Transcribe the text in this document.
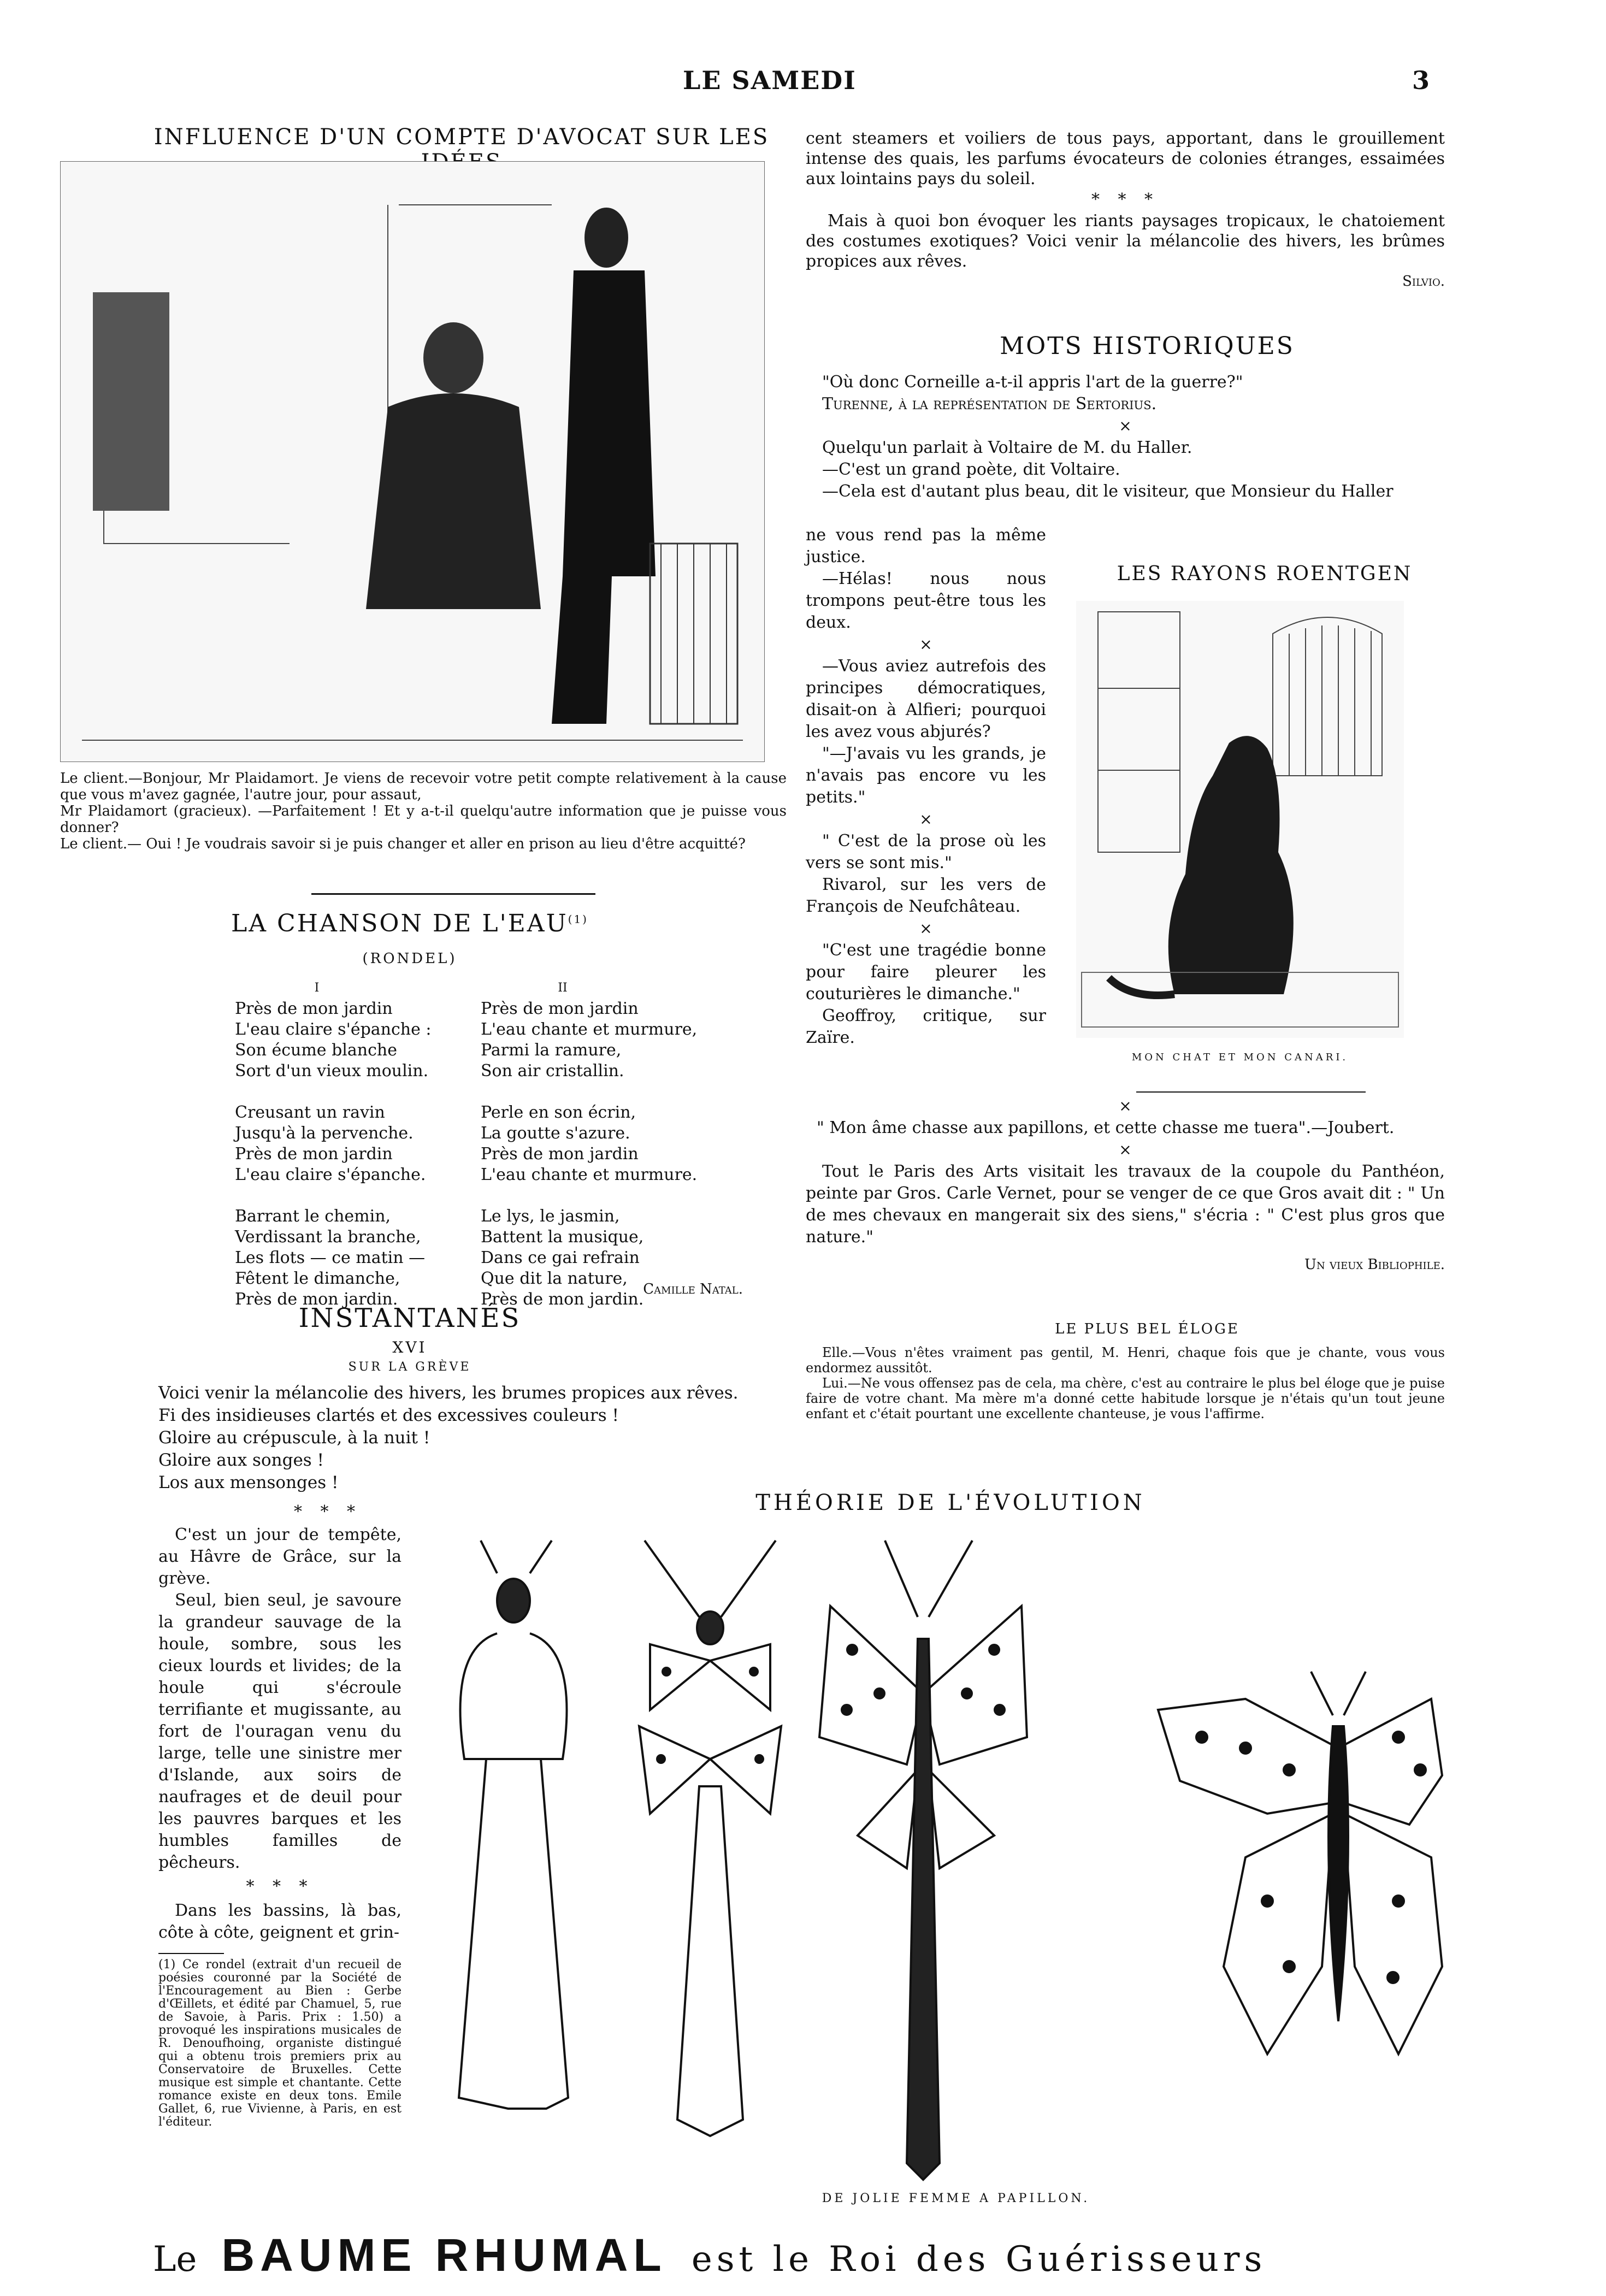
LE SAMEDI	3
INFLUENCE D'UN COMPTE D'AVOCAT SUR LES

Le client.—Bonjour, Mr Plaidamort. Je viens de recevoir votre petit compte relativement à la cause que vous m'avez gagnée, l'autre jour, pour assaut,

Mr Plaidamort (gracieux). —Parfaitement ! Et y a-t-il quelqu'autre information que je puisse vous donner?

Le client.— Oui ! Je voudrais savoir si je puis changer et aller en prison au lieu d'être acquitté?

LA CHANSON DE L'EAU$^{(1)}$
(RONDEL)
I

Près de mon jardin

L'eau claire s'épanche :

Son écume blanche

Sort d'un vieux moulin.

Creusant un ravin

Jusqu'à la pervenche.

Près de mon jardin

L'eau claire s'épanche.

Barrant le chemin,

Verdissant la branche,

Les flots — ce matin —

Fêtent le dimanche,

Près de mon jardin.

II

Près de mon jardin

L'eau chante et murmure,

Parmi la ramure,

Son air cristallin.

Perle en son écrin,

La goutte s'azure.

Près de mon jardin

L'eau chante et murmure.

Le lys, le jasmin,

Battent la musique,

Dans ce gai refrain

Que dit la nature,

Près de mon jardin.

Camille Natal.
INSTANTANÉS
XVI
SUR LA GRÈVE

Voici venir la mélancolie des hivers, les brumes propices aux rêves.

Fi des insidieuses clartés et des excessives couleurs !

Gloire au crépuscule, à la nuit !

Gloire aux songes !

Los aux mensonges !

* * *

C'est un jour de tempête, au Hâvre de Grâce, sur la grève.

Seul, bien seul, je savoure la grandeur sauvage de la houle, sombre, sous les cieux lourds et livides; de la houle qui s'écroule terrifiante et mugissante, au fort de l'ouragan venu du large, telle une sinistre mer d'Islande, aux soirs de naufrages et de deuil pour les pauvres barques et les humbles familles de pêcheurs.

* * *

Dans les bassins, là bas, côte à côte, geignent et grin-

(1) Ce rondel (extrait d'un recueil de poésies couronné par la Société de l'Encouragement au Bien : Gerbe d'Œillets, et édité par Chamuel, 5, rue de Savoie, à Paris. Prix : 1.50) a provoqué les inspirations musicales de R. Denoufhoing, organiste distingué qui a obtenu trois premiers prix au Conservatoire de Bruxelles. Cette musique est simple et chantante. Cette romance existe en deux tons. Emile Gallet, 6, rue Vivienne, à Paris, en est l'éditeur.

cent steamers et voiliers de tous pays, apportant, dans le grouillement intense des quais, les parfums évocateurs de colonies étranges, essaimées aux lointains pays du soleil.

* * *

Mais à quoi bon évoquer les riants paysages tropicaux, le chatoiement des costumes exotiques? Voici venir la mélancolie des hivers, les brûmes propices aux rêves.

Silvio.
MOTS HISTORIQUES

"Où donc Corneille a-t-il appris l'art de la guerre?"

Turenne, à la représentation de Sertorius.

×

Quelqu'un parlait à Voltaire de M. du Haller.

—C'est un grand poète, dit Voltaire.

—Cela est d'autant plus beau, dit le visiteur, que Monsieur du Haller

ne vous rend pas la même justice.

—Hélas! nous nous trompons peut-être tous les deux.

×

—Vous aviez autrefois des principes démocratiques, disait-on à Alfieri; pourquoi les avez vous abjurés?

"—J'avais vu les grands, je n'avais pas encore vu les petits."

×

" C'est de la prose où les vers se sont mis."

Rivarol, sur les vers de François de Neufchâteau.

×

"C'est une tragédie bonne pour faire pleurer les couturières le dimanche."

Geoffroy, critique, sur Zaïre.

LES RAYONS ROENTGEN
MON CHAT ET MON CANARI.
×

" Mon âme chasse aux papillons, et cette chasse me tuera".—Joubert.

×

Tout le Paris des Arts visitait les travaux de la coupole du Panthéon, peinte par Gros. Carle Vernet, pour se venger de ce que Gros avait dit : " Un de mes chevaux en mangerait six des siens," s'écria : " C'est plus gros que nature."

Un vieux Bibliophile.
LE PLUS BEL ÉLOGE

Elle.—Vous n'êtes vraiment pas gentil, M. Henri, chaque fois que je chante, vous vous endormez aussitôt.

Lui.—Ne vous offensez pas de cela, ma chère, c'est au contraire le plus bel éloge que je puise faire de votre chant. Ma mère m'a donné cette habitude lorsque je n'étais qu'un tout jeune enfant et c'était pourtant une excellente chanteuse, je vous l'affirme.

THÉORIE DE L'ÉVOLUTION
DE JOLIE FEMME A PAPILLON.
Le BAUME RHUMAL est le Roi des Guérisseurs
